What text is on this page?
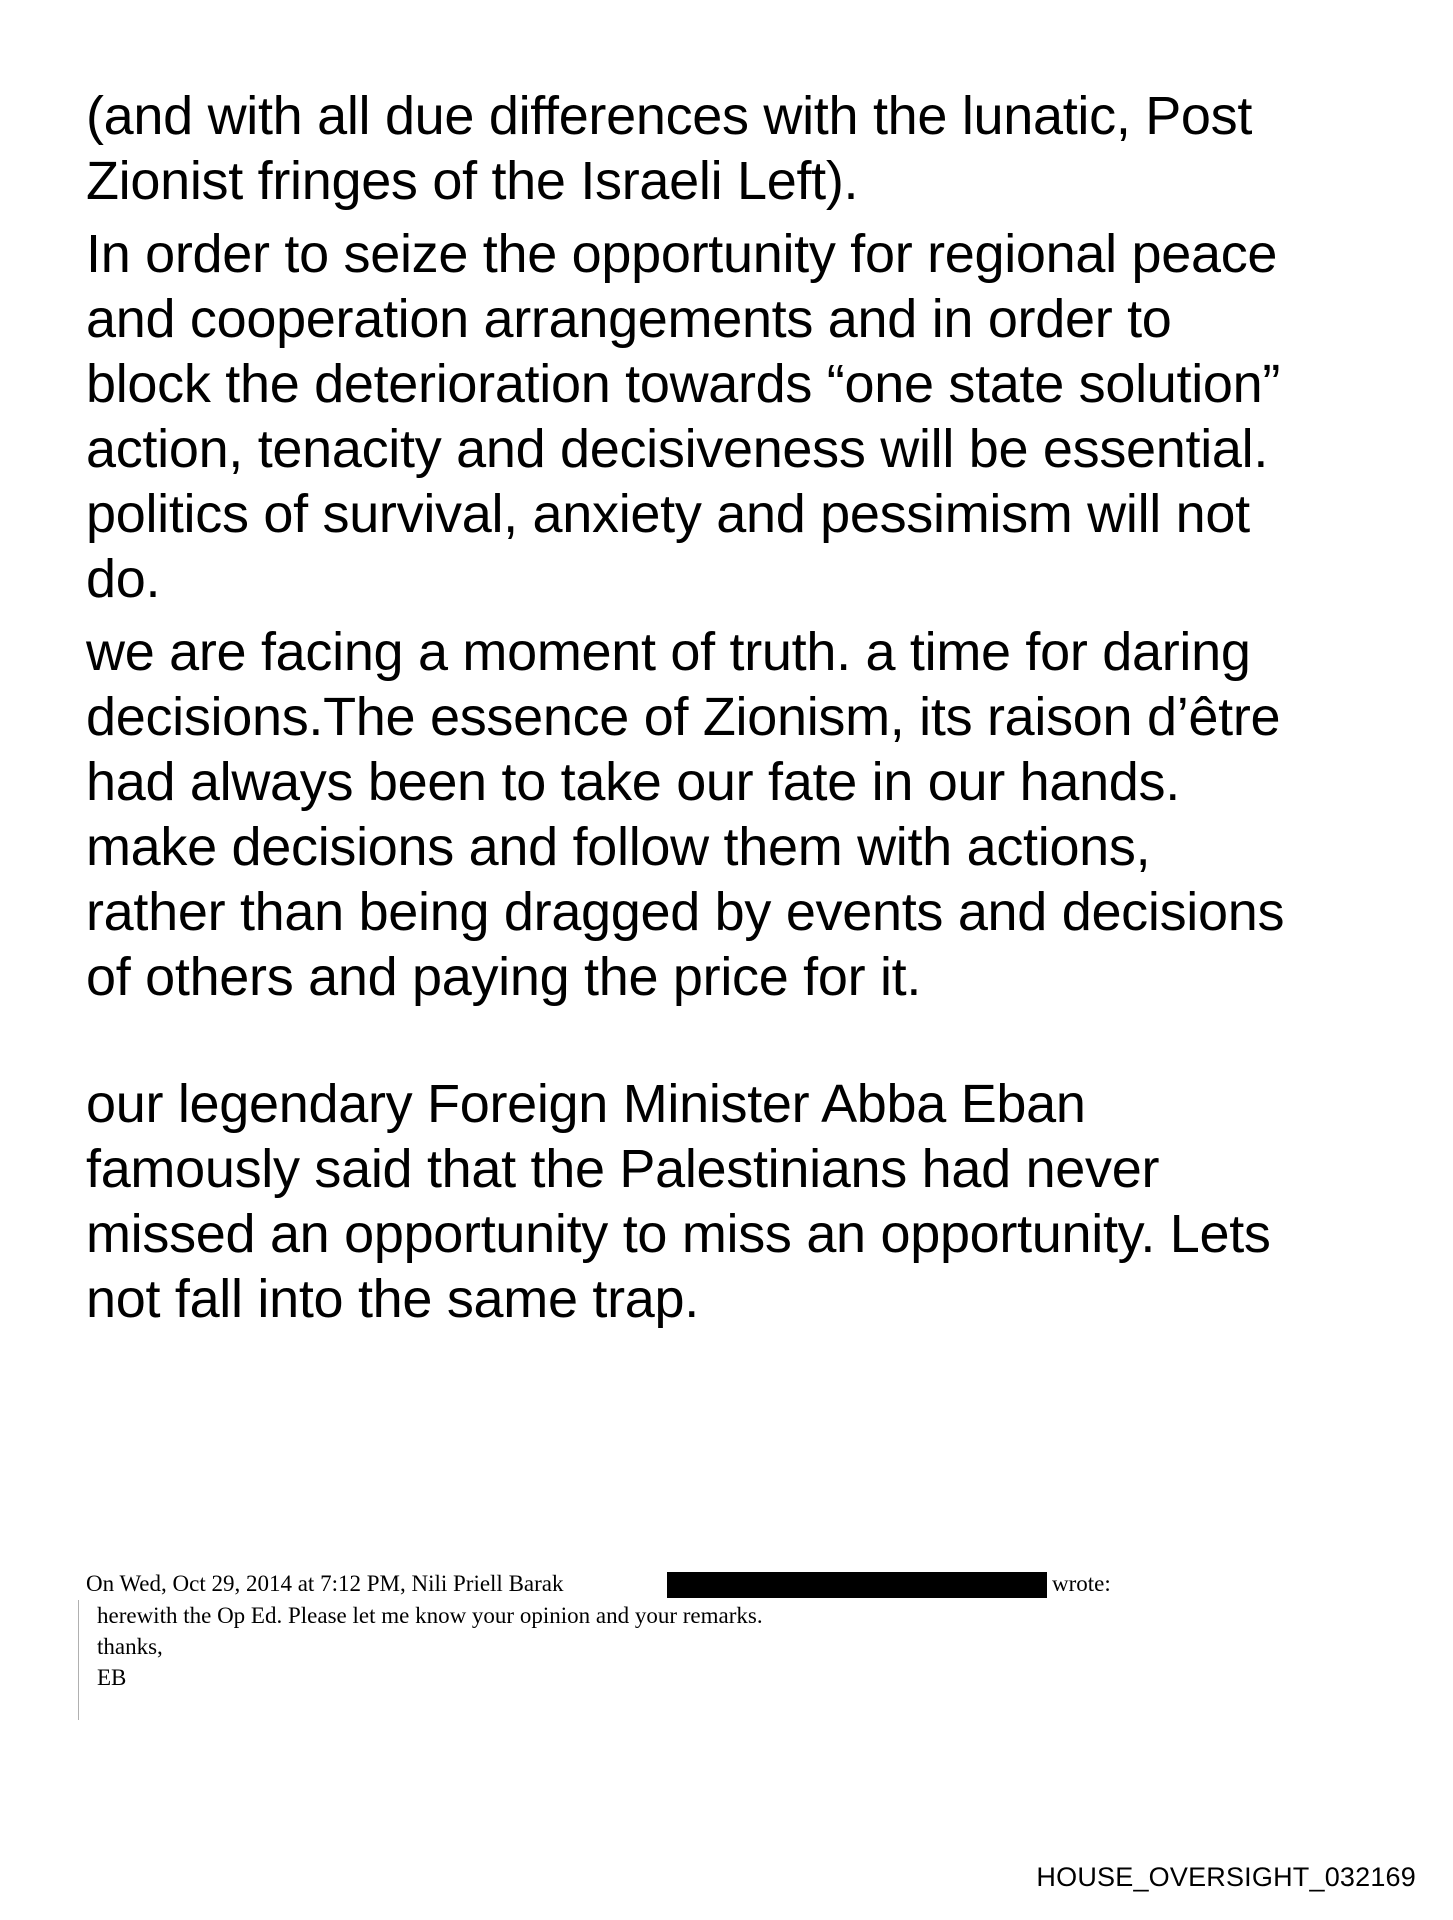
(and with all due differences with the lunatic, Post
Zionist fringes of the Israeli Left).

In order to seize the opportunity for regional peace
and cooperation arrangements and in order to
block the deterioration towards “one state solution”
action, tenacity and decisiveness will be essential.
politics of survival, anxiety and pessimism will not
do.

we are facing a moment of truth. a time for daring
decisions.The essence of Zionism, its raison d’être
had always been to take our fate in our hands.
make decisions and follow them with actions,
rather than being dragged by events and decisions
of others and paying the price for it.

our legendary Foreign Minister Abba Eban
famously said that the Palestinians had never
missed an opportunity to miss an opportunity. Lets
not fall into the same trap.

On Wed, Oct 29, 2014 at 7:12 PM, Nili Priell Barak	wrote:
herewith the Op Ed. Please let me know your opinion and your remarks.
thanks,
EB
HOUSE_OVERSIGHT_032169
